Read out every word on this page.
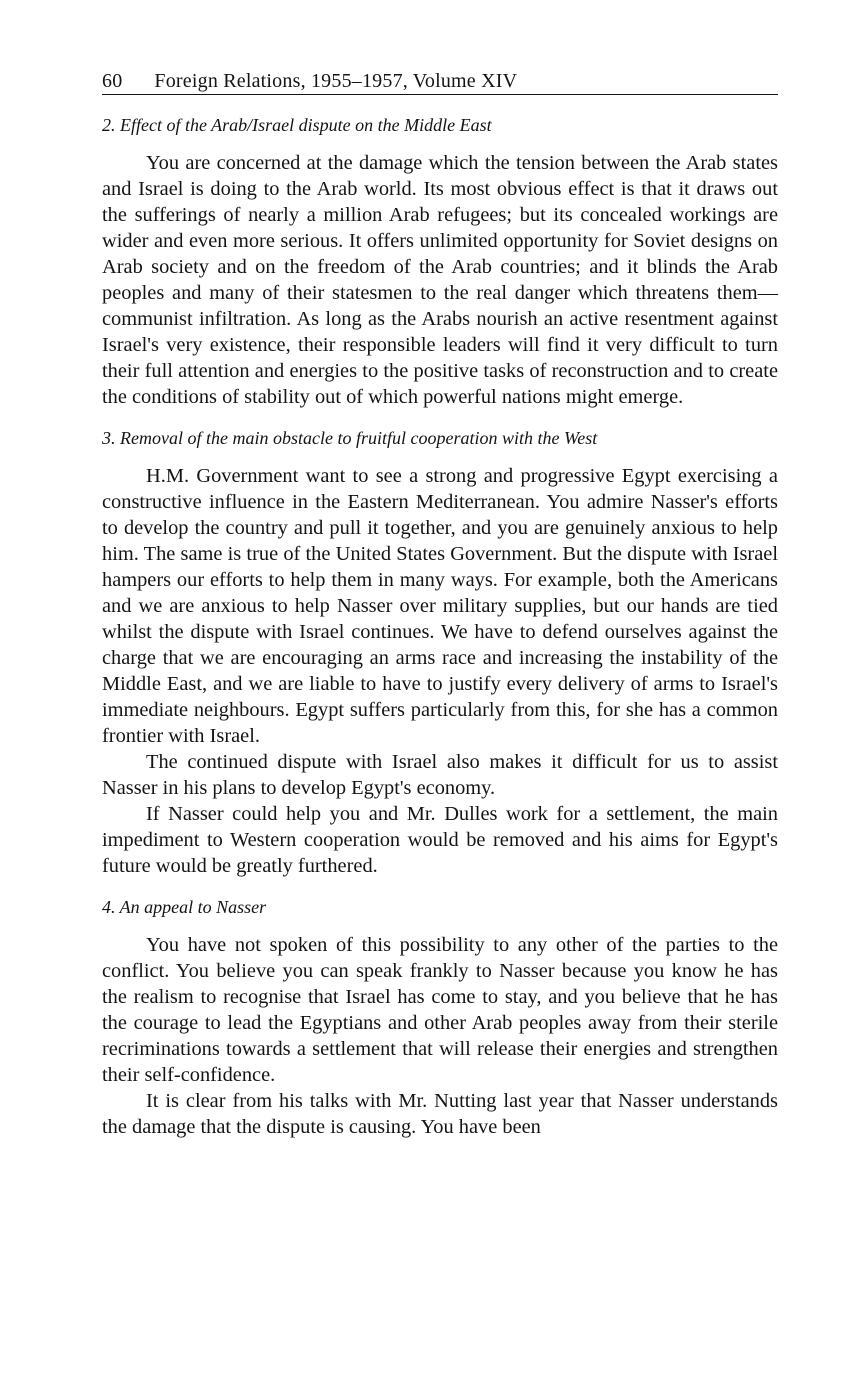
60 Foreign Relations, 1955–1957, Volume XIV
2. Effect of the Arab/Israel dispute on the Middle East

You are concerned at the damage which the tension between the Arab states and Israel is doing to the Arab world. Its most obvious effect is that it draws out the sufferings of nearly a million Arab refugees; but its concealed workings are wider and even more serious. It offers unlimited opportunity for Soviet designs on Arab society and on the freedom of the Arab countries; and it blinds the Arab peoples and many of their statesmen to the real danger which threatens them—communist infiltration. As long as the Arabs nourish an active resentment against Israel's very existence, their responsible leaders will find it very difficult to turn their full attention and energies to the positive tasks of reconstruction and to create the conditions of stability out of which powerful nations might emerge.

3. Removal of the main obstacle to fruitful cooperation with the West

H.M. Government want to see a strong and progressive Egypt exercising a constructive influence in the Eastern Mediterranean. You admire Nasser's efforts to develop the country and pull it together, and you are genuinely anxious to help him. The same is true of the United States Government. But the dispute with Israel hampers our efforts to help them in many ways. For example, both the Americans and we are anxious to help Nasser over military supplies, but our hands are tied whilst the dispute with Israel continues. We have to defend ourselves against the charge that we are encouraging an arms race and increasing the instability of the Middle East, and we are liable to have to justify every delivery of arms to Israel's immediate neighbours. Egypt suffers particularly from this, for she has a common frontier with Israel.

The continued dispute with Israel also makes it difficult for us to assist Nasser in his plans to develop Egypt's economy.

If Nasser could help you and Mr. Dulles work for a settlement, the main impediment to Western cooperation would be removed and his aims for Egypt's future would be greatly furthered.

4. An appeal to Nasser

You have not spoken of this possibility to any other of the parties to the conflict. You believe you can speak frankly to Nasser because you know he has the realism to recognise that Israel has come to stay, and you believe that he has the courage to lead the Egyptians and other Arab peoples away from their sterile recriminations towards a settlement that will release their energies and strengthen their self-confidence.

It is clear from his talks with Mr. Nutting last year that Nasser understands the damage that the dispute is causing. You have been
